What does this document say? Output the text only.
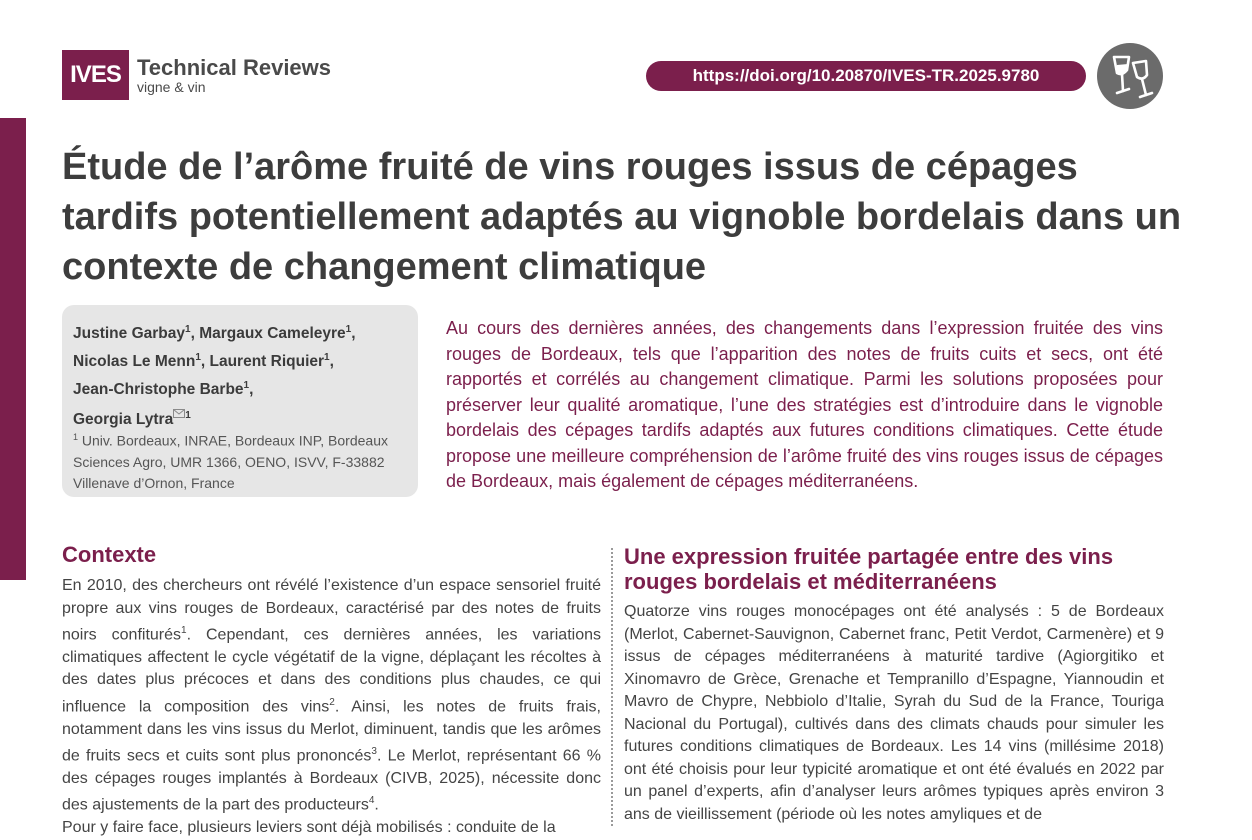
IVES Technical Reviews
vigne & vin
https://doi.org/10.20870/IVES-TR.2025.9780
Étude de l’arôme fruité de vins rouges issus de cépages tardifs potentiellement adaptés au vignoble bordelais dans un contexte de changement climatique
Justine Garbay$^1$, Margaux Cameleyre$^1$,
Nicolas Le Menn$^1$, Laurent Riquier$^1$,
Jean-Christophe Barbe$^1$,
Georgia Lytra $^1$
$^1$ Univ. Bordeaux, INRAE, Bordeaux INP, Bordeaux Sciences Agro, UMR 1366, OENO, ISVV, F-33882 Villenave d’Ornon, France

Au cours des dernières années, des changements dans l’expression fruitée des vins rouges de Bordeaux, tels que l’apparition des notes de fruits cuits et secs, ont été rapportés et corrélés au changement climatique. Parmi les solutions proposées pour préserver leur qualité aromatique, l’une des stratégies est d’introduire dans le vignoble bordelais des cépages tardifs adaptés aux futures conditions climatiques. Cette étude propose une meilleure compréhension de l’arôme fruité des vins rouges issus de cépages de Bordeaux, mais également de cépages méditerranéens.

Contexte

En 2010, des chercheurs ont révélé l’existence d’un espace sensoriel fruité propre aux vins rouges de Bordeaux, caractérisé par des notes de fruits noirs confiturés$^1$. Cependant, ces dernières années, les variations climatiques affectent le cycle végétatif de la vigne, déplaçant les récoltes à des dates plus précoces et dans des conditions plus chaudes, ce qui influence la composition des vins$^2$. Ainsi, les notes de fruits frais, notamment dans les vins issus du Merlot, diminuent, tandis que les arômes de fruits secs et cuits sont plus prononcés$^3$. Le Merlot, représentant 66 % des cépages rouges implantés à Bordeaux (CIVB, 2025), nécessite donc des ajustements de la part des producteurs$^4$.

Pour y faire face, plusieurs leviers sont déjà mobilisés : conduite de la

Une expression fruitée partagée entre des vins rouges bordelais et méditerranéens

Quatorze vins rouges monocépages ont été analysés : 5 de Bordeaux (Merlot, Cabernet-Sauvignon, Cabernet franc, Petit Verdot, Carmenère) et 9 issus de cépages méditerranéens à maturité tardive (Agiorgitiko et Xinomavro de Grèce, Grenache et Tempranillo d’Espagne, Yiannoudin et Mavro de Chypre, Nebbiolo d’Italie, Syrah du Sud de la France, Touriga Nacional du Portugal), cultivés dans des climats chauds pour simuler les futures conditions climatiques de Bordeaux. Les 14 vins (millésime 2018) ont été choisis pour leur typicité aromatique et ont été évalués en 2022 par un panel d’experts, afin d’analyser leurs arômes typiques après environ 3 ans de vieillissement (période où les notes amyliques et de
